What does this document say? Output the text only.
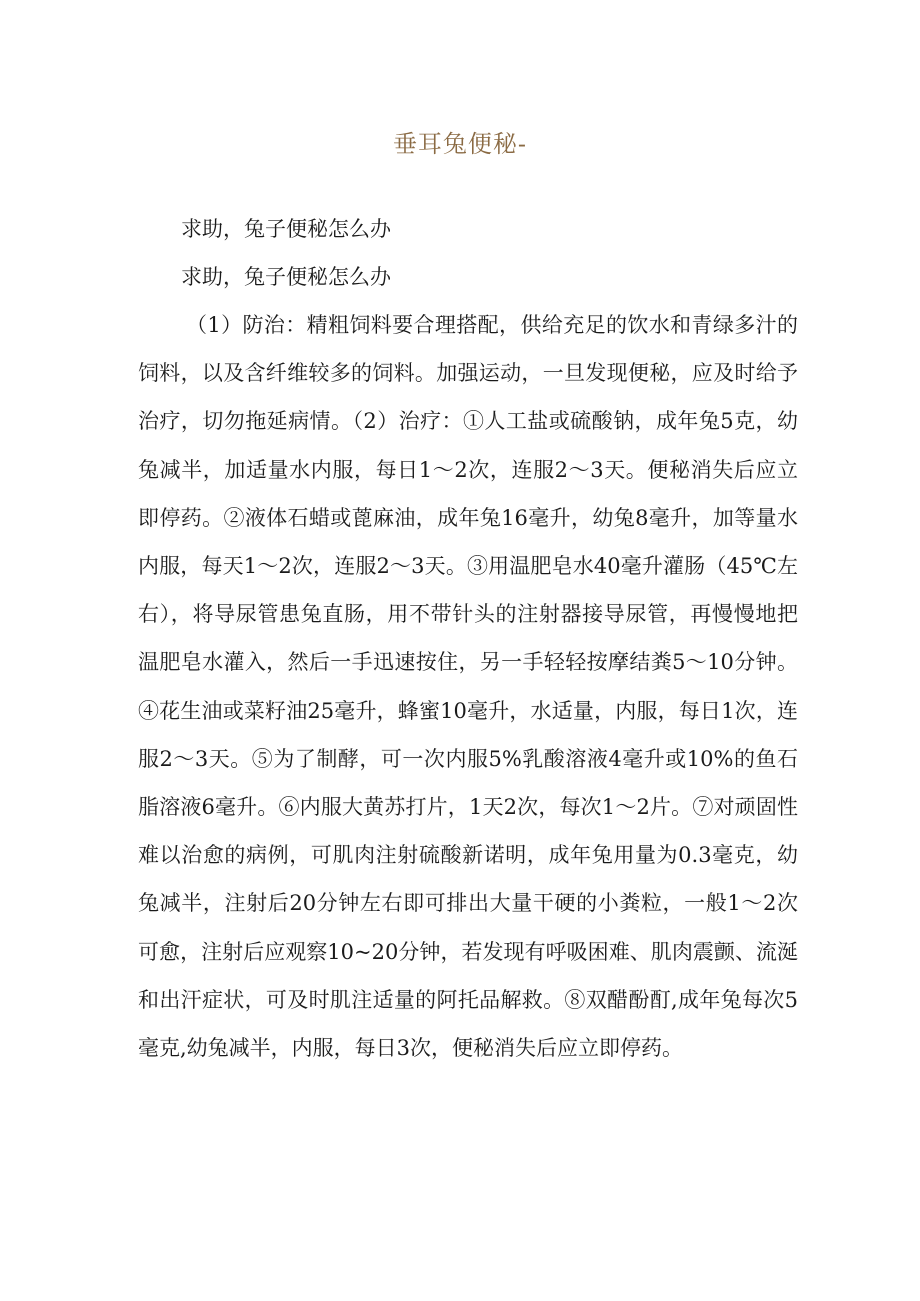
垂耳兔便秘-

求助，兔子便秘怎么办

求助，兔子便秘怎么办

（1）防治：精粗饲料要合理搭配，供给充足的饮水和青绿多汁的饲料，以及含纤维较多的饲料。加强运动，一旦发现便秘，应及时给予治疗，切勿拖延病情。（2）治疗：①人工盐或硫酸钠，成年兔5克，幼兔减半，加适量水内服，每日1～2次，连服2～3天。便秘消失后应立即停药。②液体石蜡或蓖麻油，成年兔16毫升，幼兔8毫升，加等量水内服，每天1～2次，连服2～3天。③用温肥皂水40毫升灌肠（45℃左右），将导尿管患兔直肠，用不带针头的注射器接导尿管，再慢慢地把温肥皂水灌入，然后一手迅速按住，另一手轻轻按摩结粪5～10分钟。④花生油或菜籽油25毫升，蜂蜜10毫升，水适量，内服，每日1次，连服2～3天。⑤为了制酵，可一次内服5%乳酸溶液4毫升或10%的鱼石脂溶液6毫升。⑥内服大黄苏打片，1天2次，每次1～2片。⑦对顽固性难以治愈的病例，可肌肉注射硫酸新诺明，成年兔用量为0.3毫克，幼兔减半，注射后20分钟左右即可排出大量干硬的小粪粒，一般1～2次可愈，注射后应观察10~20分钟，若发现有呼吸困难、肌肉震颤、流涎和出汗症状，可及时肌注适量的阿托品解救。⑧双醋酚酊,成年兔每次5毫克,幼兔减半，内服，每日3次，便秘消失后应立即停药。
